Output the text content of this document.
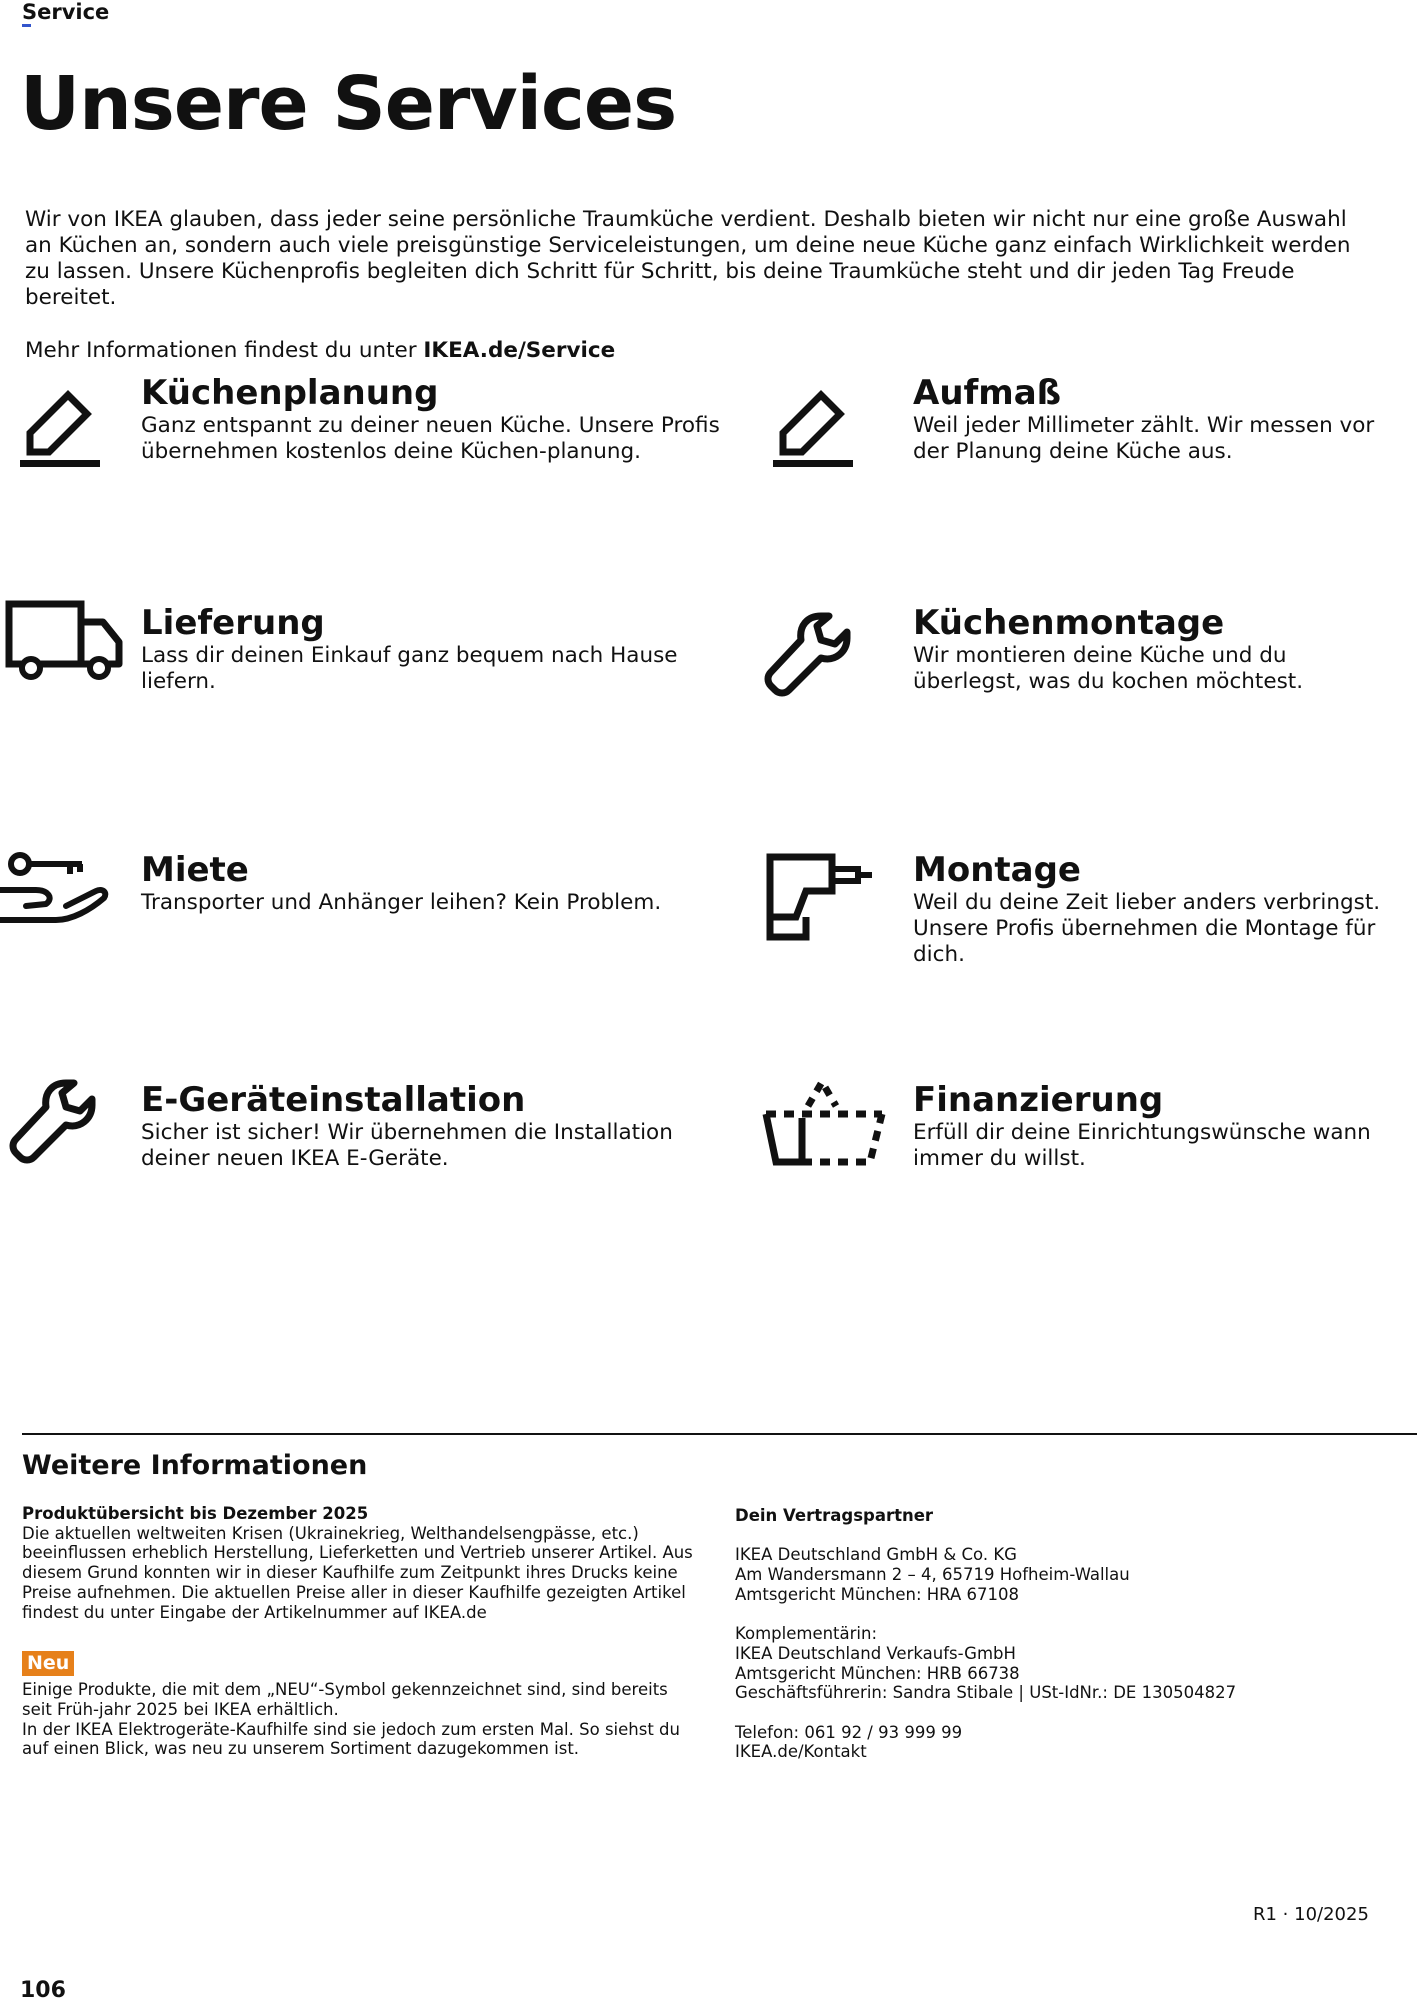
Service
Unsere Services

Wir von IKEA glauben, dass jeder seine persönliche Traumküche verdient. Deshalb bieten wir nicht nur eine große Auswahl an Küchen an, sondern auch viele preisgünstige Serviceleistungen, um deine neue Küche ganz einfach Wirklichkeit werden zu lassen. Unsere Küchenprofis begleiten dich Schritt für Schritt, bis deine Traumküche steht und dir jeden Tag Freude bereitet.

Mehr Informationen findest du unter IKEA.de/Service

Küchenplanung
Ganz entspannt zu deiner neuen Küche. Unsere Profis übernehmen kostenlos deine Küchen-planung.
Lieferung
Lass dir deinen Einkauf ganz bequem nach Hause liefern.
Miete
Transporter und Anhänger leihen? Kein Problem.
E-Geräteinstallation
Sicher ist sicher! Wir übernehmen die Installation deiner neuen IKEA E-Geräte.
Aufmaß
Weil jeder Millimeter zählt. Wir messen vor der Planung deine Küche aus.
Küchenmontage
Wir montieren deine Küche und du überlegst, was du kochen möchtest.
Montage
Weil du deine Zeit lieber anders verbringst. Unsere Profis übernehmen die Montage für dich.
Finanzierung
Erfüll dir deine Einrichtungswünsche wann immer du willst.
Weitere Informationen

Produktübersicht bis Dezember 2025

Die aktuellen weltweiten Krisen (Ukrainekrieg, Welthandelsengpässe, etc.) beeinflussen erheblich Herstellung, Lieferketten und Vertrieb unserer Artikel. Aus diesem Grund konnten wir in dieser Kaufhilfe zum Zeitpunkt ihres Drucks keine Preise aufnehmen. Die aktuellen Preise aller in dieser Kaufhilfe gezeigten Artikel findest du unter Eingabe der Artikelnummer auf IKEA.de

Neu

Einige Produkte, die mit dem „NEU“-Symbol gekennzeichnet sind, sind bereits seit Früh-jahr 2025 bei IKEA erhältlich.

In der IKEA Elektrogeräte-Kaufhilfe sind sie jedoch zum ersten Mal. So siehst du auf einen Blick, was neu zu unserem Sortiment dazugekommen ist.

Dein Vertragspartner

IKEA Deutschland GmbH & Co. KG

Am Wandersmann 2 – 4, 65719 Hofheim-Wallau

Amtsgericht München: HRA 67108

Komplementärin:

IKEA Deutschland Verkaufs-GmbH

Amtsgericht München: HRB 66738

Geschäftsführerin: Sandra Stibale | USt-IdNr.: DE 130504827

Telefon: 061 92 / 93 999 99

IKEA.de/Kontakt

R1 · 10/2025
106
